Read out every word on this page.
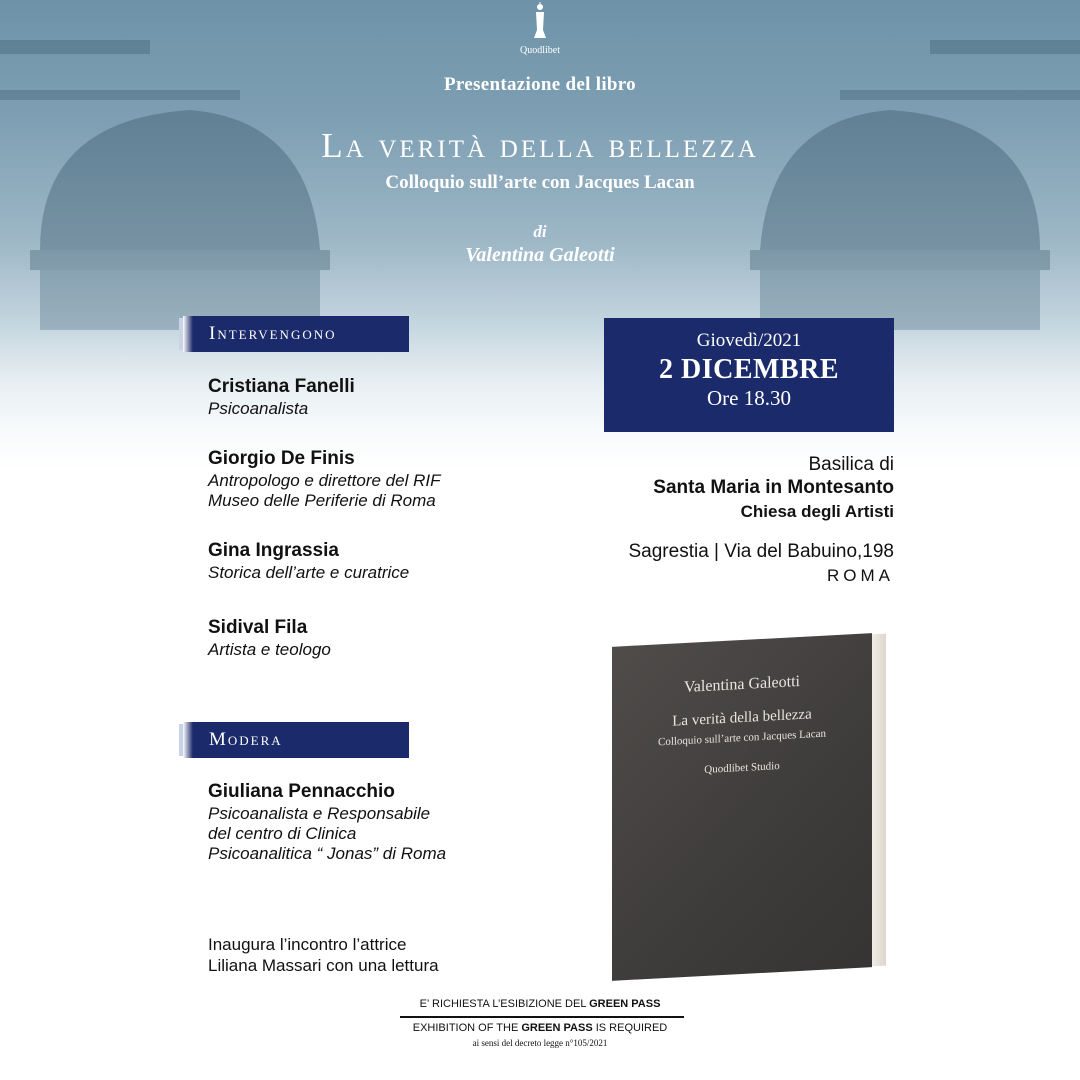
Quodlibet
Presentazione del libro
La verità della bellezza
Colloquio sull’arte con Jacques Lacan
di
Valentina Galeotti
Intervengono
Cristiana Fanelli
Psicoanalista
Giorgio De Finis
Antropologo e direttore del RIF
Museo delle Periferie di Roma
Gina Ingrassia
Storica dell’arte e curatrice
Sidival Fila
Artista e teologo
Modera
Giuliana Pennacchio
Psicoanalista e Responsabile
del centro di Clinica
Psicoanalitica “ Jonas” di Roma
Giovedì/2021
2 DICEMBRE
Ore 18.30
Basilica di
Santa Maria in Montesanto
Chiesa degli Artisti
Sagrestia | Via del Babuino,198
ROMA
Valentina Galeotti
La verità della bellezza
Colloquio sull’arte con Jacques Lacan
Quodlibet Studio
Inaugura l’incontro l’attrice
Liliana Massari con una lettura
E’ RICHIESTA L’ESIBIZIONE DEL GREEN PASS
EXHIBITION OF THE GREEN PASS IS REQUIRED
ai sensi del decreto legge n°105/2021
